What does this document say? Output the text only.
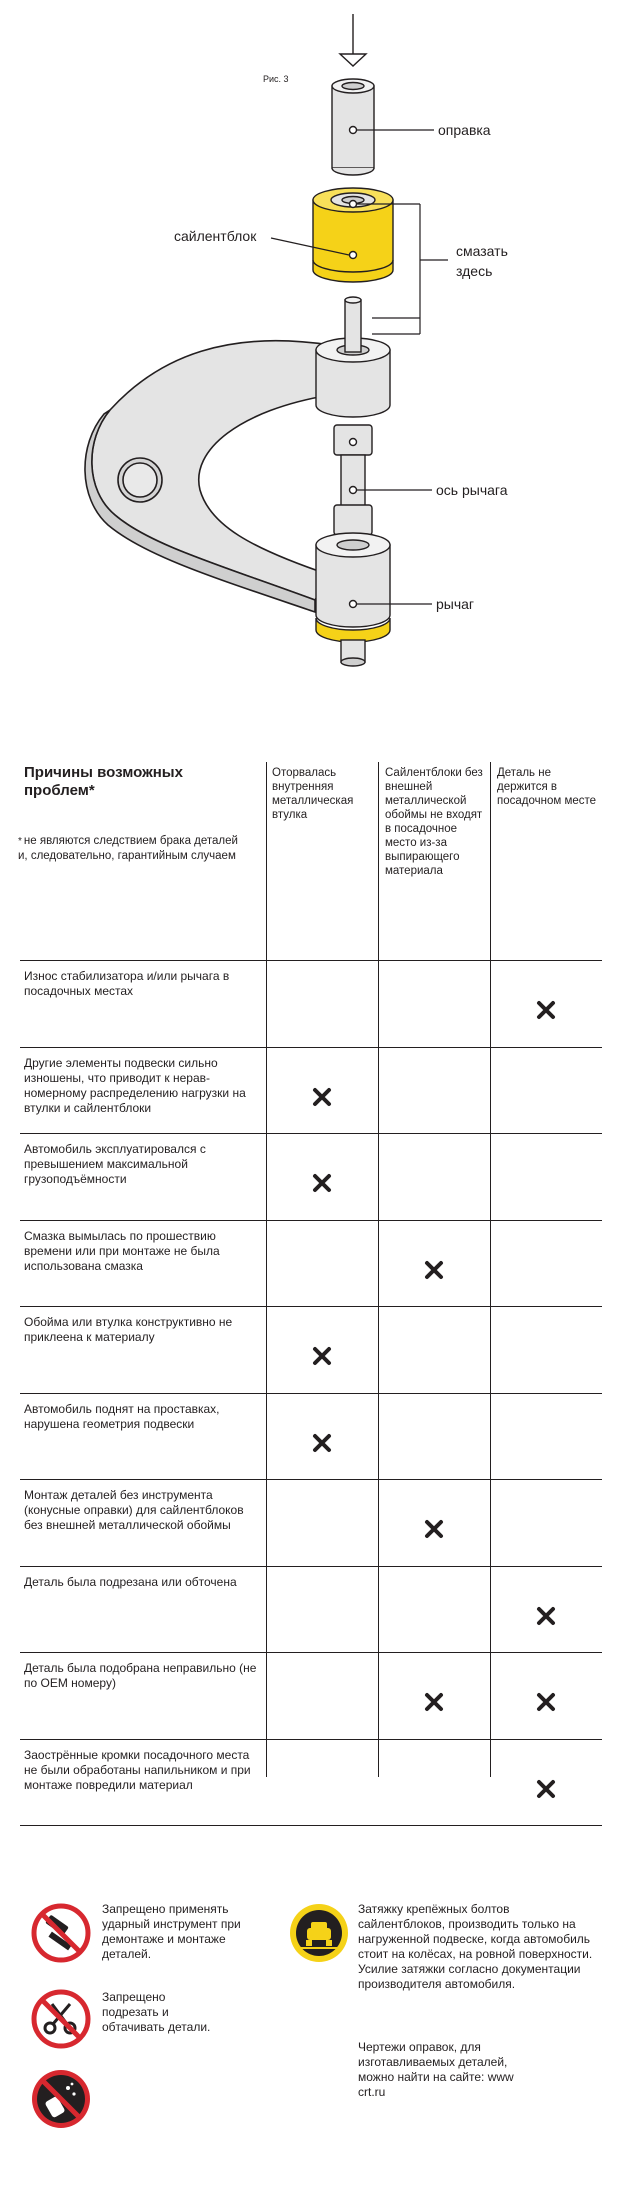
Рис. 3
оправка
сайлентблок
смазать
здесь
ось рычага
рычаг
Причины возможных проблем*
* не являются следствием брака деталей и, следовательно, гарантийным случаем
Оторвалась внутренняя металлическая втулка
Сайлентблоки без внешней металлической обоймы не входят в посадочное место из-за выпирающего материала
Деталь не держится в посадочном месте
Износ стабилизатора и/или рычага в посадочных местах
Другие элементы подвески сильно изношены, что приводит к нерав-номерному распределению нагрузки на втулки и сайлентблоки
Автомобиль эксплуатировался с превышением максимальной грузоподъёмности
Смазка вымылась по прошествию времени или при монтаже не была использована смазка
Обойма или втулка конструктивно не приклеена к материалу
Автомобиль поднят на проставках, нарушена геометрия подвески
Монтаж деталей без инструмента (конусные оправки) для сайлентблоков без внешней металлической обоймы
Деталь была подрезана или обточена
Деталь была подобрана неправильно (не по OEM номеру)
Заострённые кромки посадочного места не были обработаны напильником и при монтаже повредили материал
Запрещено применять ударный инструмент при демонтаже и монтаже деталей.
Запрещено подрезать и обтачивать детали.
Затяжку крепёжных болтов сайлентблоков, производить только на нагруженной подвеске, когда автомобиль стоит на колёсах, на ровной поверхности. Усилие затяжки согласно документации производителя автомобиля.
Чертежи оправок, для изготавливаемых деталей, можно найти на сайте: www crt.ru
